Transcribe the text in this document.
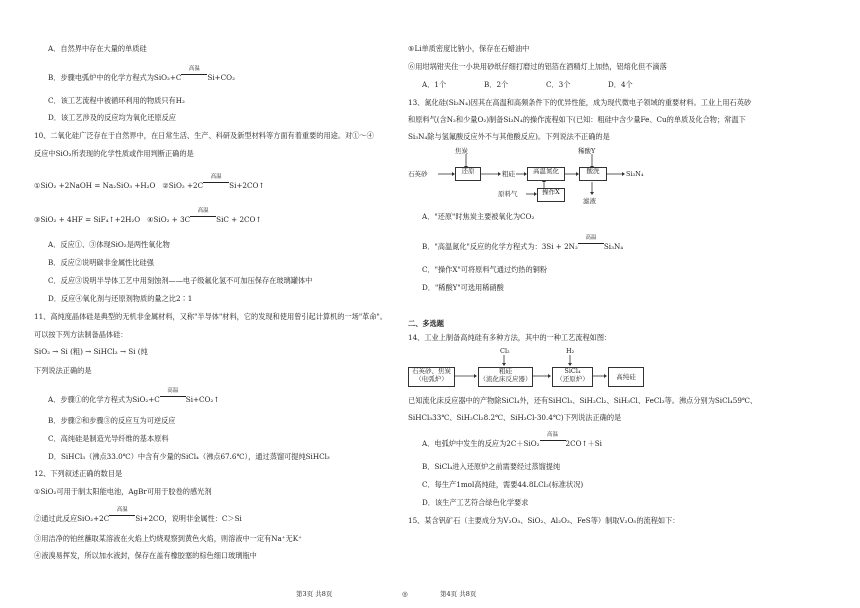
A．自然界中存在大量的单质硅
B．步骤电弧炉中的化学方程式为SiO₂+C
高温
Si+CO₂
C．该工艺流程中被循环利用的物质只有H₂
D．该工艺涉及的反应均为氧化还原反应
10、二氧化硅广泛存在于自然界中，在日常生活、生产、科研及新型材料等方面有着重要的用途。对①～④
反应中SiO₂所表现的化学性质或作用判断正确的是
①SiO₂ +2NaOH = Na₂SiO₃ +H₂O ②SiO₂ +2C
高温
Si+2CO↑
③SiO₂ + 4HF = SiF₄↑+2H₂O ④SiO₂ + 3C
高温
SiC + 2CO↑
A．反应①、③体现SiO₂是两性氧化物
B．反应②说明碳非金属性比硅强
C．反应③说明半导体工艺中用刻蚀剂——电子级氟化氢不可加压保存在玻璃罐体中
D．反应④氧化剂与还原剂物质的量之比2∶1
11、高纯度晶体硅是典型的无机非金属材料，又称"半导体"材料，它的发现和使用曾引起计算机的一场"革命"。
可以按下列方法制备晶体硅：
SiO₂ → Si (粗) → SiHCl₃ → Si (纯
下列说法正确的是
A．步骤①的化学方程式为SiO₂+C
高温
Si+CO₂↑
B．步骤②和步骤③的反应互为可逆反应
C．高纯硅是制造光导纤维的基本原料
D．SiHCl₃（沸点33.0℃）中含有少量的SiCl₄（沸点67.6℃），通过蒸馏可提纯SiHCl₃
12、下列叙述正确的数目是
①SiO₂可用于制太阳能电池，AgBr可用于胶卷的感光剂
②通过此反应SiO₂+2C
高温
Si+2CO，说明非金属性：C＞Si
③用洁净的铂丝蘸取某溶液在火焰上灼烧观察到黄色火焰，则溶液中一定有Na⁺无K⁺
④液溴易挥发，所以加水液封，保存在盖有橡胶塞的棕色细口玻璃瓶中
第3页 共8页	◎	第4页 共8页
⑤Li单质密度比钠小，保存在石蜡油中
⑥用坩埚钳夹住一小块用砂纸仔细打磨过的铝箔在酒精灯上加热，铝熔化但不滴落
A．1个	B．2个	C．3个	D．4个
13、氮化硅(Si₃N₄)因其在高温和高频条件下的优异性能，成为现代微电子领域的重要材料。工业上用石英砂
和原料气(含N₂和少量O₂)制备Si₃N₄的操作流程如下(已知：粗硅中含少量Fe、Cu的单质及化合物；常温下
Si₃N₄除与氢氟酸反应外不与其他酸反应)。下列说法不正确的是
焦炭	稀酸Y
石英砂	还原	粗硅	高温氮化	酸洗	Si₃N₄
原料气	操作X
滤液
A．"还原"时焦炭主要被氧化为CO₂
B．"高温氮化"反应的化学方程式为：3Si + 2N₂
高温
Si₃N₄
C．"操作X"可将原料气通过灼热的铜粉
D．"稀酸Y"可选用稀硝酸
二、多选题
14、工业上制备高纯硅有多种方法，其中的一种工艺流程如图：
Cl₂	H₂
石英砂、焦炭
（电弧炉）
粗硅
（流化床反应器）
SiCl₄
（还原炉）	高纯硅
已知流化床反应器中的产物除SiCl₄外，还有SiHCl₃、SiH₂Cl₂、SiH₃Cl、FeCl₃等。沸点分别为SiCl₄59℃、
SiHCl₃33℃、SiH₂Cl₂8.2℃、SiH₃Cl-30.4℃)下列说法正确的是
A．电弧炉中发生的反应为2C＋SiO₂
高温
2CO↑＋Si
B．SiCl₄进入还原炉之前需要经过蒸馏提纯
C．每生产1mol高纯硅，需要44.8LCl₂(标准状况)
D．该生产工艺符合绿色化学要求
15、某含钒矿石（主要成分为V₂O₃、SiO₂、Al₂O₃、FeS等）制取V₂O₅的流程如下：
